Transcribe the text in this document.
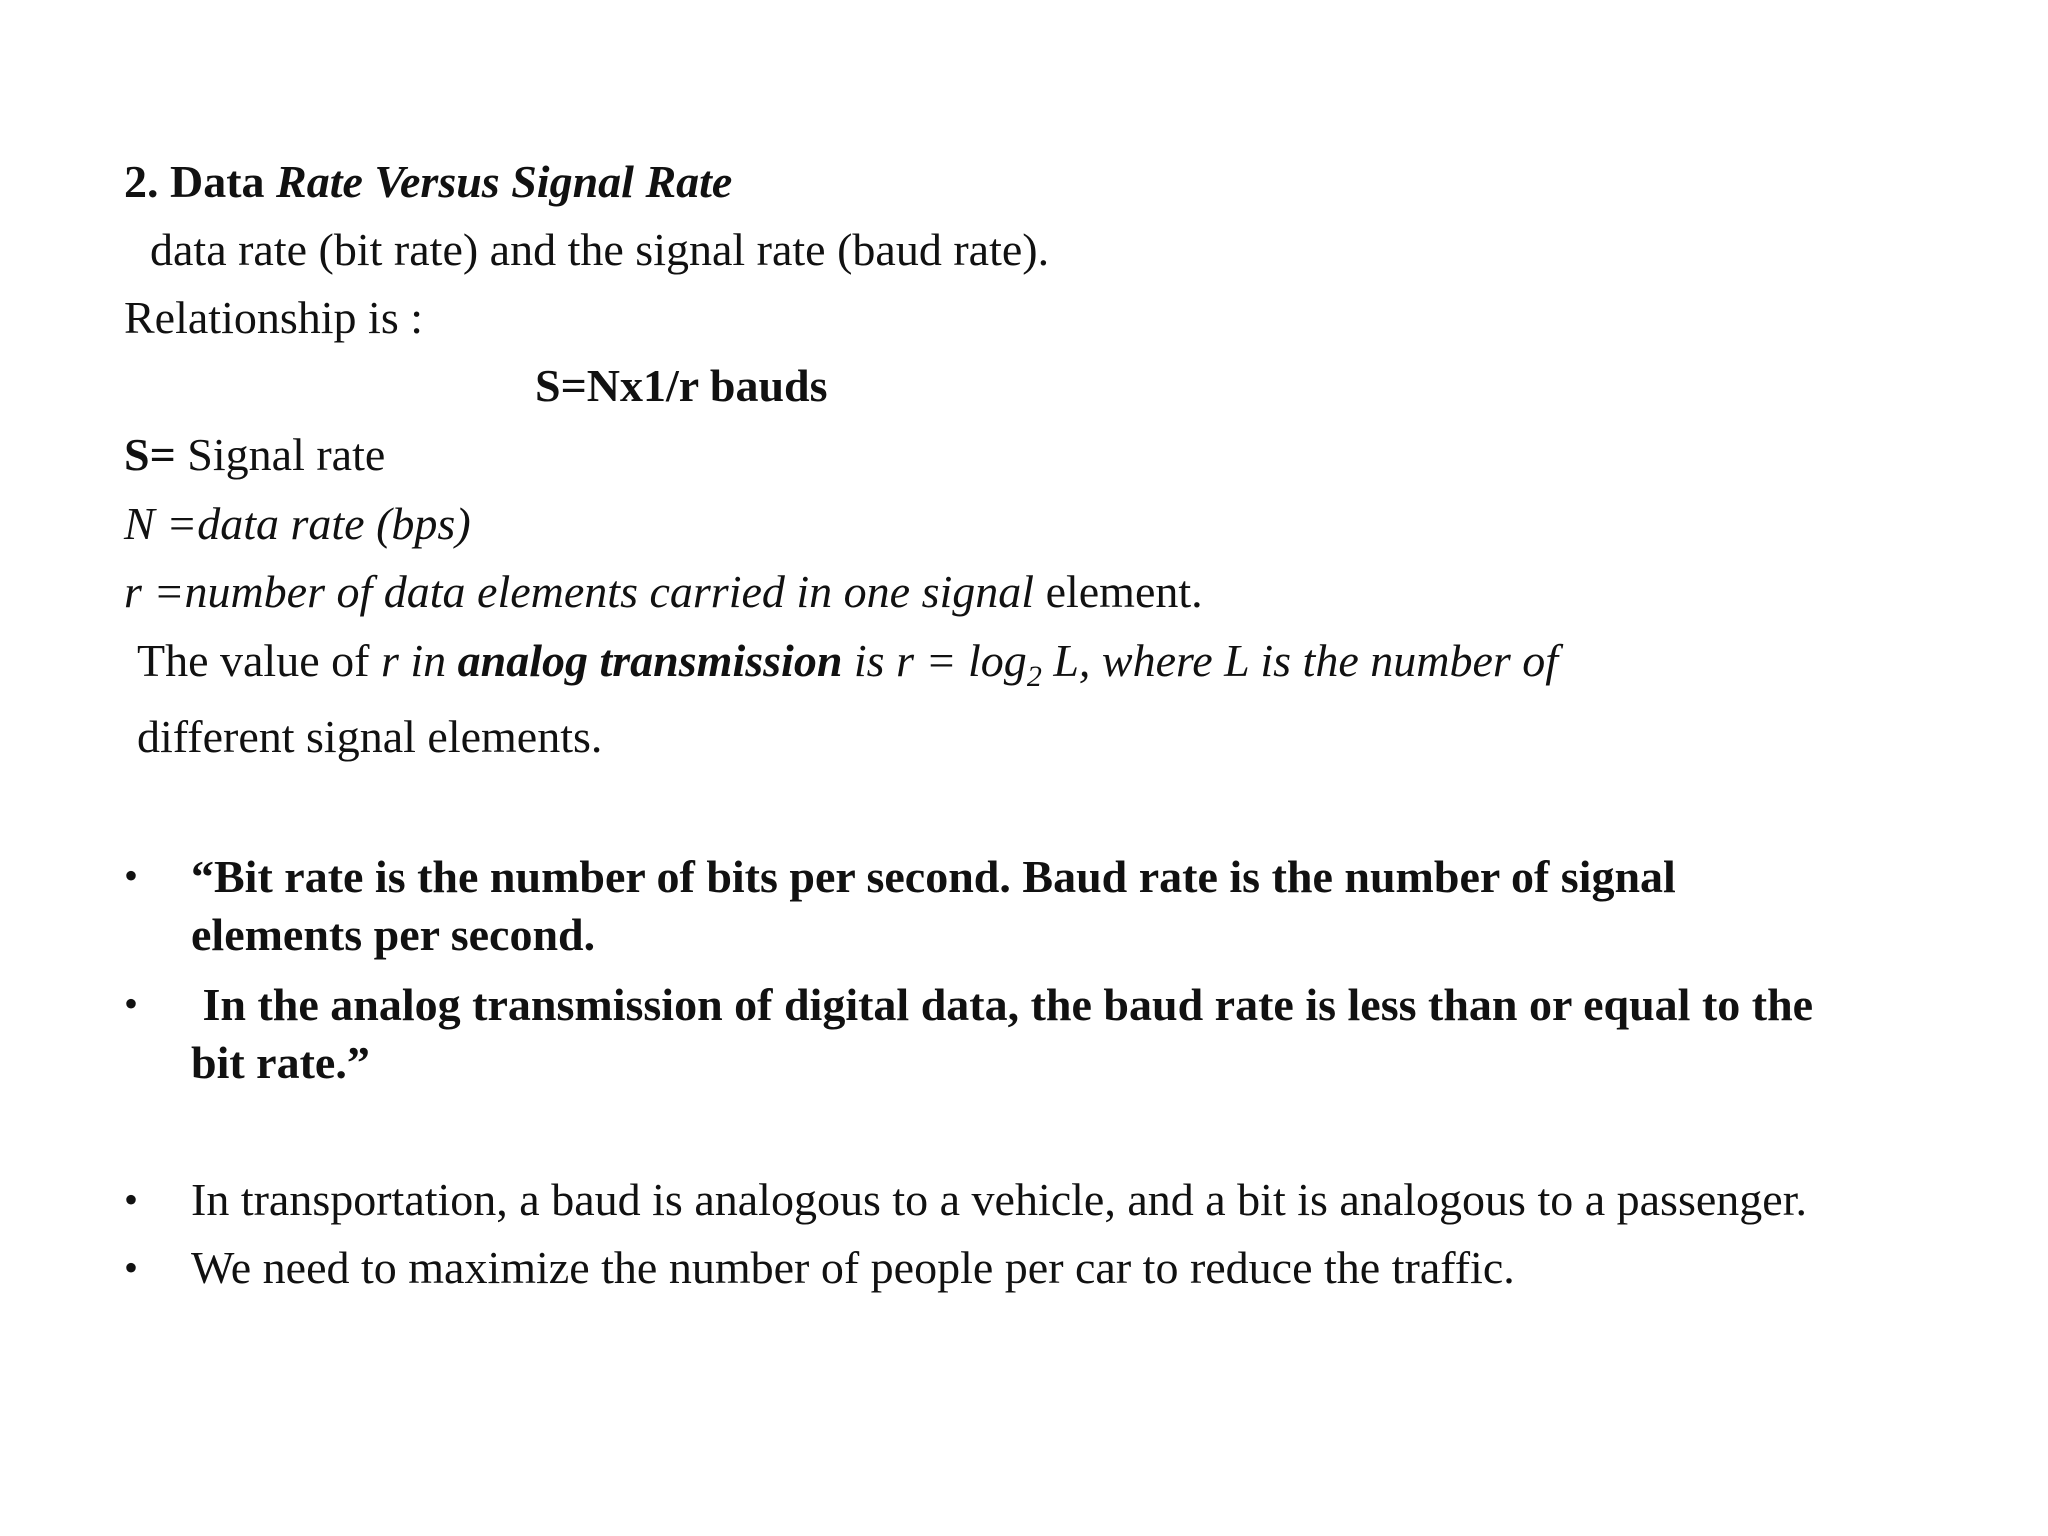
2. Data Rate Versus Signal Rate
data rate (bit rate) and the signal rate (baud rate).
Relationship is :
S=Nx1/r bauds
S= Signal rate
N =data rate (bps)
r =number of data elements carried in one signal element.
The value of r in analog transmission is $r = \log_2 L$, where L is the number of
different signal elements.
• “Bit rate is the number of bits per second. Baud rate is the number of signal
elements per second.
• In the analog transmission of digital data, the baud rate is less than or equal to the
bit rate.”
• In transportation, a baud is analogous to a vehicle, and a bit is analogous to a passenger.
• We need to maximize the number of people per car to reduce the traffic.
